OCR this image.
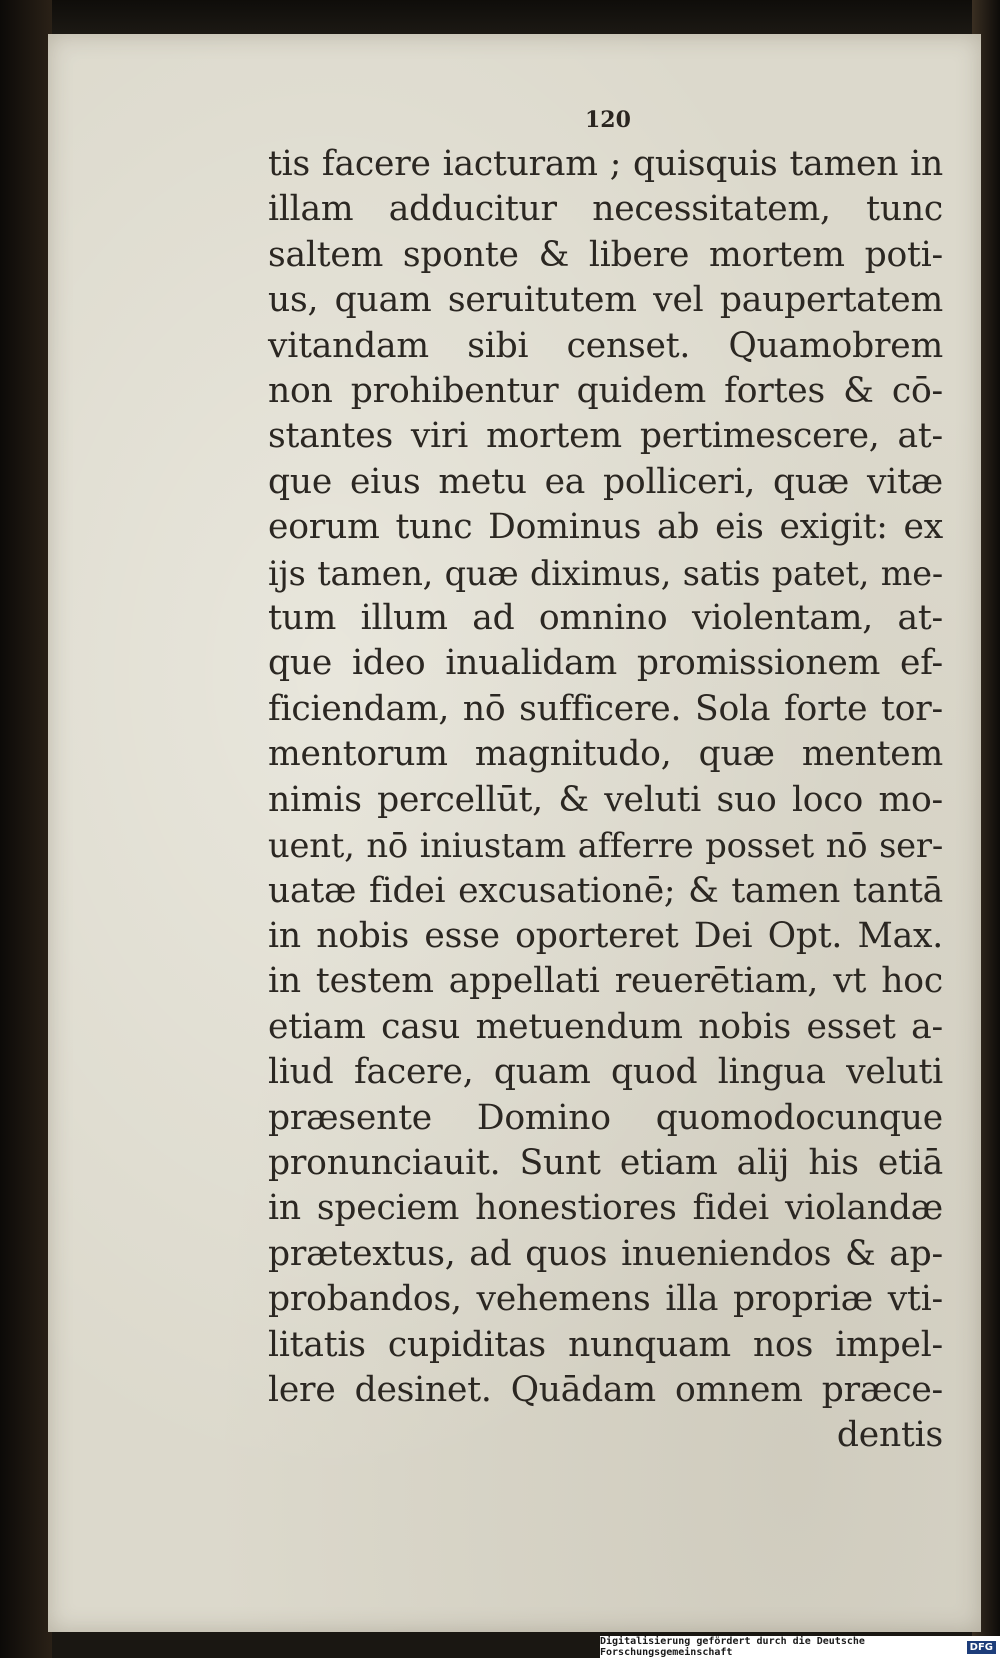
120
tis facere iacturam ; quisquis tamen in
illam adducitur necessitatem, tunc
saltem sponte & libere mortem poti-
us, quam seruitutem vel paupertatem
vitandam sibi censet. Quamobrem
non prohibentur quidem fortes & cō-
stantes viri mortem pertimescere, at-
que eius metu ea polliceri, quæ vitæ
eorum tunc Dominus ab eis exigit: ex
ijs tamen, quæ diximus, satis patet, me-
tum illum ad omnino violentam, at-
que ideo inualidam promissionem ef-
ficiendam, nō sufficere. Sola forte tor-
mentorum magnitudo, quæ mentem
nimis percellūt, & veluti suo loco mo-
uent, nō iniustam afferre posset nō ser-
uatæ fidei excusationē; & tamen tantā
in nobis esse oporteret Dei Opt. Max.
in testem appellati reuerētiam, vt hoc
etiam casu metuendum nobis esset a-
liud facere, quam quod lingua veluti
præsente Domino quomodocunque
pronunciauit. Sunt etiam alij his etiā
in speciem honestiores fidei violandæ
prætextus, ad quos inueniendos & ap-
probandos, vehemens illa propriæ vti-
litatis cupiditas nunquam nos impel-
lere desinet. Quādam omnem præce-
dentis
Digitalisierung gefördert durch die Deutsche Forschungsgemeinschaft	DFG
